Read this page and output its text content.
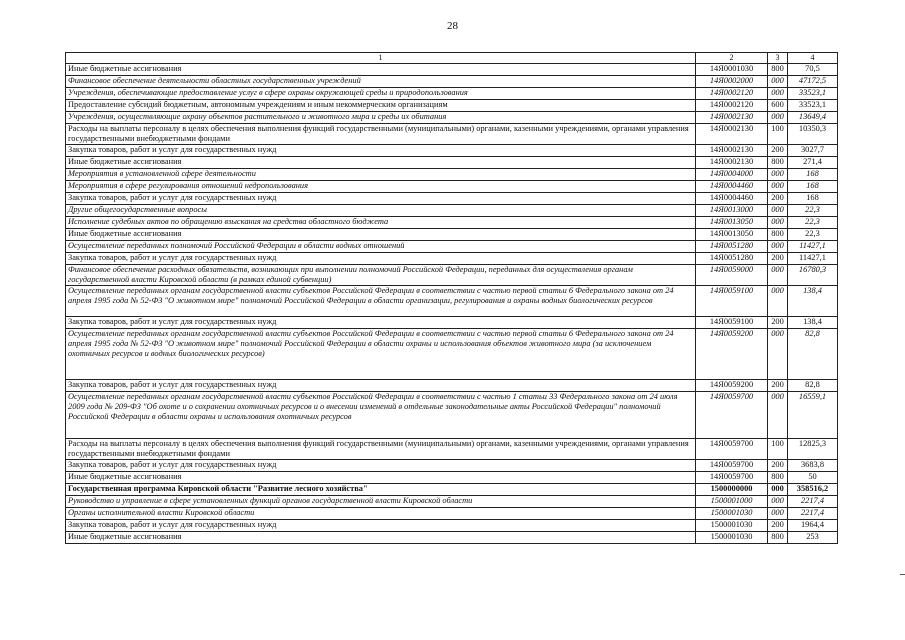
28
1	2	3	4
Иные бюджетные ассигнования	14Я0001030	800	70,5
Финансовое обеспечение деятельности областных государственных учреждений	14Я0002000	000	47172,5
Учреждения, обеспечивающие предоставление услуг в сфере охраны окружающей среды и природопользования	14Я0002120	000	33523,1
Предоставление субсидий бюджетным, автономным учреждениям и иным некоммерческим организациям	14Я0002120	600	33523,1
Учреждения, осуществляющие охрану объектов растительного и животного мира и среды их обитания	14Я0002130	000	13649,4
Расходы на выплаты персоналу в целях обеспечения выполнения функций государственными (муниципальными) органами, казенными учреждениями, органами управления государственными внебюджетными фондами	14Я0002130	100	10350,3
Закупка товаров, работ и услуг для государственных нужд	14Я0002130	200	3027,7
Иные бюджетные ассигнования	14Я0002130	800	271,4
Мероприятия в установленной сфере деятельности	14Я0004000	000	168
Мероприятия в сфере регулирования отношений недропользования	14Я0004460	000	168
Закупка товаров, работ и услуг для государственных нужд	14Я0004460	200	168
Другие общегосударственные вопросы	14Я0013000	000	22,3
Исполнение судебных актов по обращению взыскания на средства областного бюджета	14Я0013050	000	22,3
Иные бюджетные ассигнования	14Я0013050	800	22,3
Осуществление переданных полномочий Российской Федерации в области водных отношений	14Я0051280	000	11427,1
Закупка товаров, работ и услуг для государственных нужд	14Я0051280	200	11427,1
Финансовое обеспечение расходных обязательств, возникающих при выполнении полномочий Российской Федерации, переданных для осуществления органам государственной власти Кировской области (в рамках единой субвенции)	14Я0059000	000	16780,3
Осуществление переданных органам государственной власти субъектов Российской Федерации в соответствии с частью первой статьи 6 Федерального закона от 24 апреля 1995 года № 52-ФЗ "О животном мире" полномочий Российской Федерации в области организации, регулирования и охраны водных биологических ресурсов	14Я0059100	000	138,4
Закупка товаров, работ и услуг для государственных нужд	14Я0059100	200	138,4
Осуществление переданных органам государственной власти субъектов Российской Федерации в соответствии с частью первой статьи 6 Федерального закона от 24 апреля 1995 года № 52-ФЗ "О животном мире" полномочий Российской Федерации в области охраны и использования объектов животного мира (за исключением охотничьих ресурсов и водных биологических ресурсов)	14Я0059200	000	82,8
Закупка товаров, работ и услуг для государственных нужд	14Я0059200	200	82,8
Осуществление переданных органам государственной власти субъектов Российской Федерации в соответствии с частью 1 статьи 33 Федерального закона от 24 июля 2009 года № 209-ФЗ "Об охоте и о сохранении охотничьих ресурсов и о внесении изменений в отдельные законодательные акты Российской Федерации" полномочий Российской Федерации в области охраны и использования охотничьих ресурсов	14Я0059700	000	16559,1
Расходы на выплаты персоналу в целях обеспечения выполнения функций государственными (муниципальными) органами, казенными учреждениями, органами управления государственными внебюджетными фондами	14Я0059700	100	12825,3
Закупка товаров, работ и услуг для государственных нужд	14Я0059700	200	3683,8
Иные бюджетные ассигнования	14Я0059700	800	50
Государственная программа Кировской области "Развитие лесного хозяйства"	1500000000	000	358516,2
Руководство и управление в сфере установленных функций органов государственной власти Кировской области	1500001000	000	2217,4
Органы исполнительной власти Кировской области	1500001030	000	2217,4
Закупка товаров, работ и услуг для государственных нужд	1500001030	200	1964,4
Иные бюджетные ассигнования	1500001030	800	253
